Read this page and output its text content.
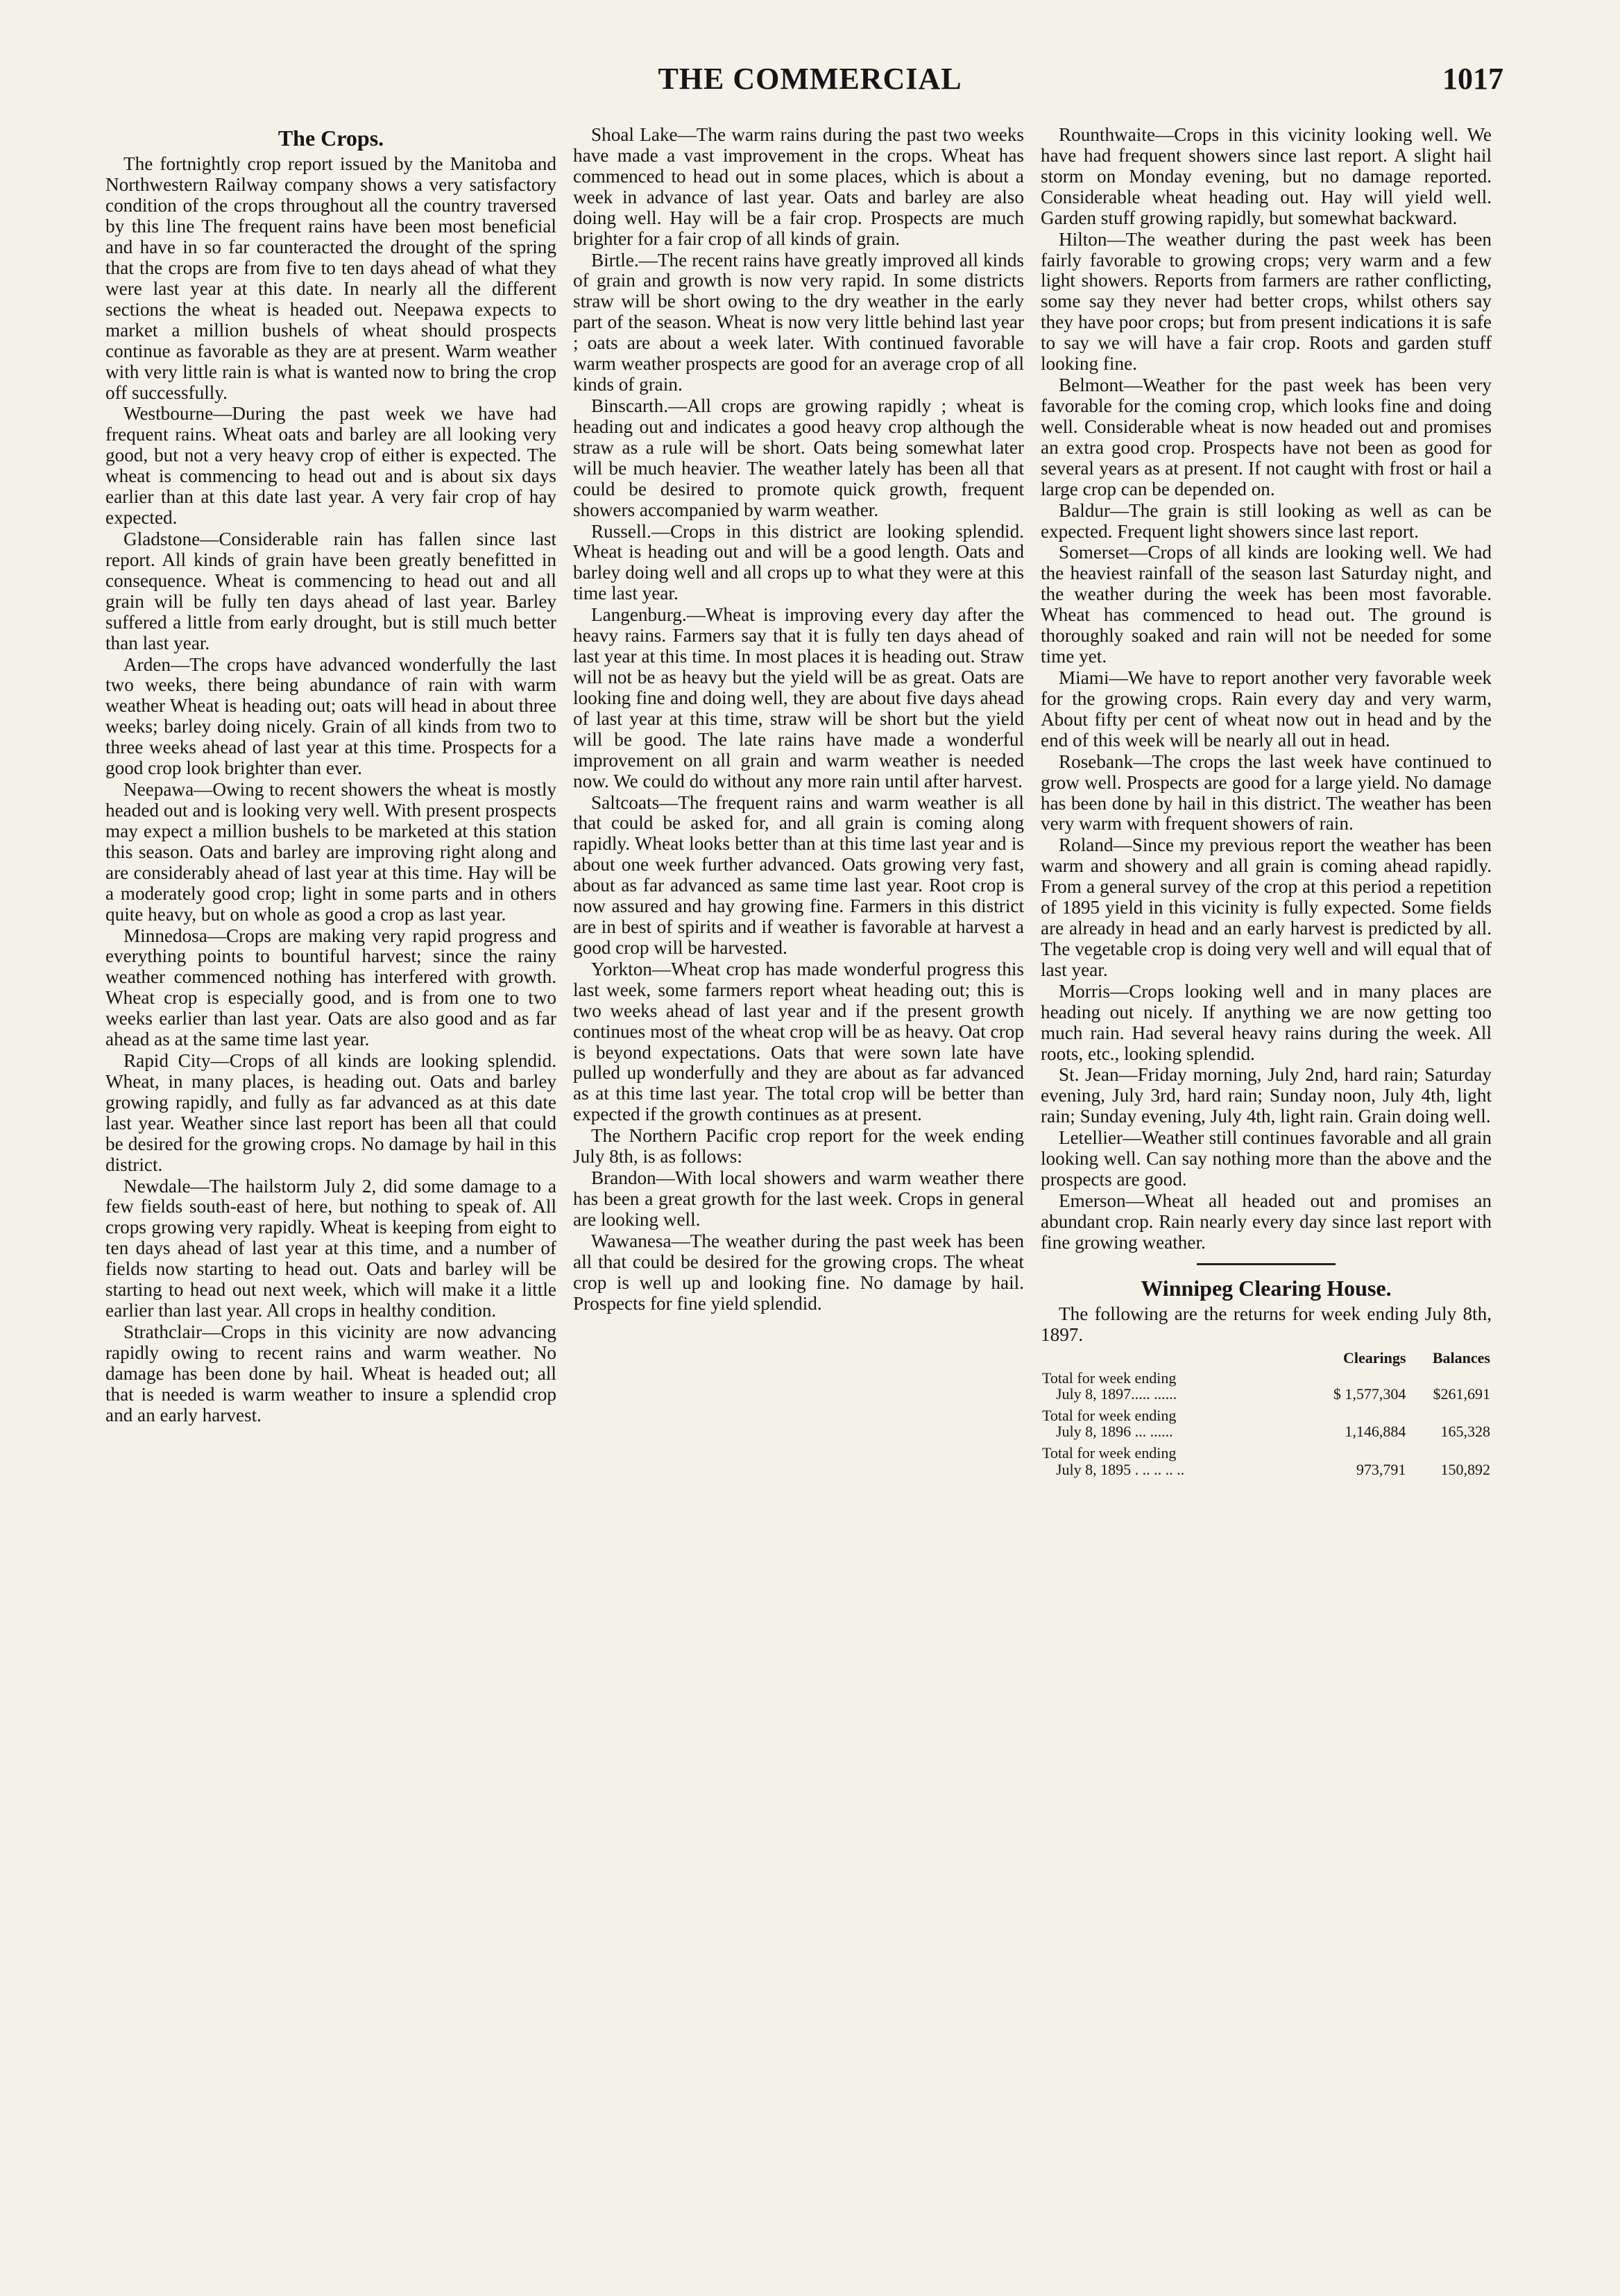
THE COMMERCIAL	1017
The Crops.

The fortnightly crop report issued by the Manitoba and Northwestern Railway company shows a very satisfactory condition of the crops throughout all the country traversed by this line The frequent rains have been most beneficial and have in so far counteracted the drought of the spring that the crops are from five to ten days ahead of what they were last year at this date. In nearly all the different sections the wheat is headed out. Neepawa expects to market a million bushels of wheat should prospects continue as favorable as they are at present. Warm weather with very little rain is what is wanted now to bring the crop off successfully.

Westbourne—During the past week we have had frequent rains. Wheat oats and barley are all looking very good, but not a very heavy crop of either is expected. The wheat is commencing to head out and is about six days earlier than at this date last year. A very fair crop of hay expected.

Gladstone—Considerable rain has fallen since last report. All kinds of grain have been greatly benefitted in consequence. Wheat is commencing to head out and all grain will be fully ten days ahead of last year. Barley suffered a little from early drought, but is still much better than last year.

Arden—The crops have advanced wonderfully the last two weeks, there being abundance of rain with warm weather Wheat is heading out; oats will head in about three weeks; barley doing nicely. Grain of all kinds from two to three weeks ahead of last year at this time. Prospects for a good crop look brighter than ever.

Neepawa—Owing to recent showers the wheat is mostly headed out and is looking very well. With present prospects may expect a million bushels to be marketed at this station this season. Oats and barley are improving right along and are considerably ahead of last year at this time. Hay will be a moderately good crop; light in some parts and in others quite heavy, but on whole as good a crop as last year.

Minnedosa—Crops are making very rapid progress and everything points to bountiful harvest; since the rainy weather commenced nothing has interfered with growth. Wheat crop is especially good, and is from one to two weeks earlier than last year. Oats are also good and as far ahead as at the same time last year.

Rapid City—Crops of all kinds are looking splendid. Wheat, in many places, is heading out. Oats and barley growing rapidly, and fully as far advanced as at this date last year. Weather since last report has been all that could be desired for the growing crops. No damage by hail in this district.

Newdale—The hailstorm July 2, did some damage to a few fields south-east of here, but nothing to speak of. All crops growing very rapidly. Wheat is keeping from eight to ten days ahead of last year at this time, and a number of fields now starting to head out. Oats and barley will be starting to head out next week, which will make it a little earlier than last year. All crops in healthy condition.

Strathclair—Crops in this vicinity are now advancing rapidly owing to recent rains and warm weather. No damage has been done by hail. Wheat is headed out; all that is needed is warm weather to insure a splendid crop and an early harvest.

Shoal Lake—The warm rains during the past two weeks have made a vast improvement in the crops. Wheat has commenced to head out in some places, which is about a week in advance of last year. Oats and barley are also doing well. Hay will be a fair crop. Prospects are much brighter for a fair crop of all kinds of grain.

Birtle.—The recent rains have greatly improved all kinds of grain and growth is now very rapid. In some districts straw will be short owing to the dry weather in the early part of the season. Wheat is now very little behind last year ; oats are about a week later. With continued favorable warm weather prospects are good for an average crop of all kinds of grain.

Binscarth.—All crops are growing rapidly ; wheat is heading out and indicates a good heavy crop although the straw as a rule will be short. Oats being somewhat later will be much heavier. The weather lately has been all that could be desired to promote quick growth, frequent showers accompanied by warm weather.

Russell.—Crops in this district are looking splendid. Wheat is heading out and will be a good length. Oats and barley doing well and all crops up to what they were at this time last year.

Langenburg.—Wheat is improving every day after the heavy rains. Farmers say that it is fully ten days ahead of last year at this time. In most places it is heading out. Straw will not be as heavy but the yield will be as great. Oats are looking fine and doing well, they are about five days ahead of last year at this time, straw will be short but the yield will be good. The late rains have made a wonderful improvement on all grain and warm weather is needed now. We could do without any more rain until after harvest.

Saltcoats—The frequent rains and warm weather is all that could be asked for, and all grain is coming along rapidly. Wheat looks better than at this time last year and is about one week further advanced. Oats growing very fast, about as far advanced as same time last year. Root crop is now assured and hay growing fine. Farmers in this district are in best of spirits and if weather is favorable at harvest a good crop will be harvested.

Yorkton—Wheat crop has made wonderful progress this last week, some farmers report wheat heading out; this is two weeks ahead of last year and if the present growth continues most of the wheat crop will be as heavy. Oat crop is beyond expectations. Oats that were sown late have pulled up wonderfully and they are about as far advanced as at this time last year. The total crop will be better than expected if the growth continues as at present.

The Northern Pacific crop report for the week ending July 8th, is as follows:

Brandon—With local showers and warm weather there has been a great growth for the last week. Crops in general are looking well.

Wawanesa—The weather during the past week has been all that could be desired for the growing crops. The wheat crop is well up and looking fine. No damage by hail. Prospects for fine yield splendid.

Rounthwaite—Crops in this vicinity looking well. We have had frequent showers since last report. A slight hail storm on Monday evening, but no damage reported. Considerable wheat heading out. Hay will yield well. Garden stuff growing rapidly, but somewhat backward.

Hilton—The weather during the past week has been fairly favorable to growing crops; very warm and a few light showers. Reports from farmers are rather conflicting, some say they never had better crops, whilst others say they have poor crops; but from present indications it is safe to say we will have a fair crop. Roots and garden stuff looking fine.

Belmont—Weather for the past week has been very favorable for the coming crop, which looks fine and doing well. Considerable wheat is now headed out and promises an extra good crop. Prospects have not been as good for several years as at present. If not caught with frost or hail a large crop can be depended on.

Baldur—The grain is still looking as well as can be expected. Frequent light showers since last report.

Somerset—Crops of all kinds are looking well. We had the heaviest rainfall of the season last Saturday night, and the weather during the week has been most favorable. Wheat has commenced to head out. The ground is thoroughly soaked and rain will not be needed for some time yet.

Miami—We have to report another very favorable week for the growing crops. Rain every day and very warm, About fifty per cent of wheat now out in head and by the end of this week will be nearly all out in head.

Rosebank—The crops the last week have continued to grow well. Prospects are good for a large yield. No damage has been done by hail in this district. The weather has been very warm with frequent showers of rain.

Roland—Since my previous report the weather has been warm and showery and all grain is coming ahead rapidly. From a general survey of the crop at this period a repetition of 1895 yield in this vicinity is fully expected. Some fields are already in head and an early harvest is predicted by all. The vegetable crop is doing very well and will equal that of last year.

Morris—Crops looking well and in many places are heading out nicely. If anything we are now getting too much rain. Had several heavy rains during the week. All roots, etc., looking splendid.

St. Jean—Friday morning, July 2nd, hard rain; Saturday evening, July 3rd, hard rain; Sunday noon, July 4th, light rain; Sunday evening, July 4th, light rain. Grain doing well.

Letellier—Weather still continues favorable and all grain looking well. Can say nothing more than the above and the prospects are good.

Emerson—Wheat all headed out and promises an abundant crop. Rain nearly every day since last report with fine growing weather.

Winnipeg Clearing House.

The following are the returns for week ending July 8th, 1897.

	Clearings	Balances

Total for week ending
July 8, 1897..... ......	$ 1,577,304	$261,691

Total for week ending
July 8, 1896 ... ......	1,146,884	165,328

Total for week ending
July 8, 1895 . .. .. .. ..	973,791	150,892
